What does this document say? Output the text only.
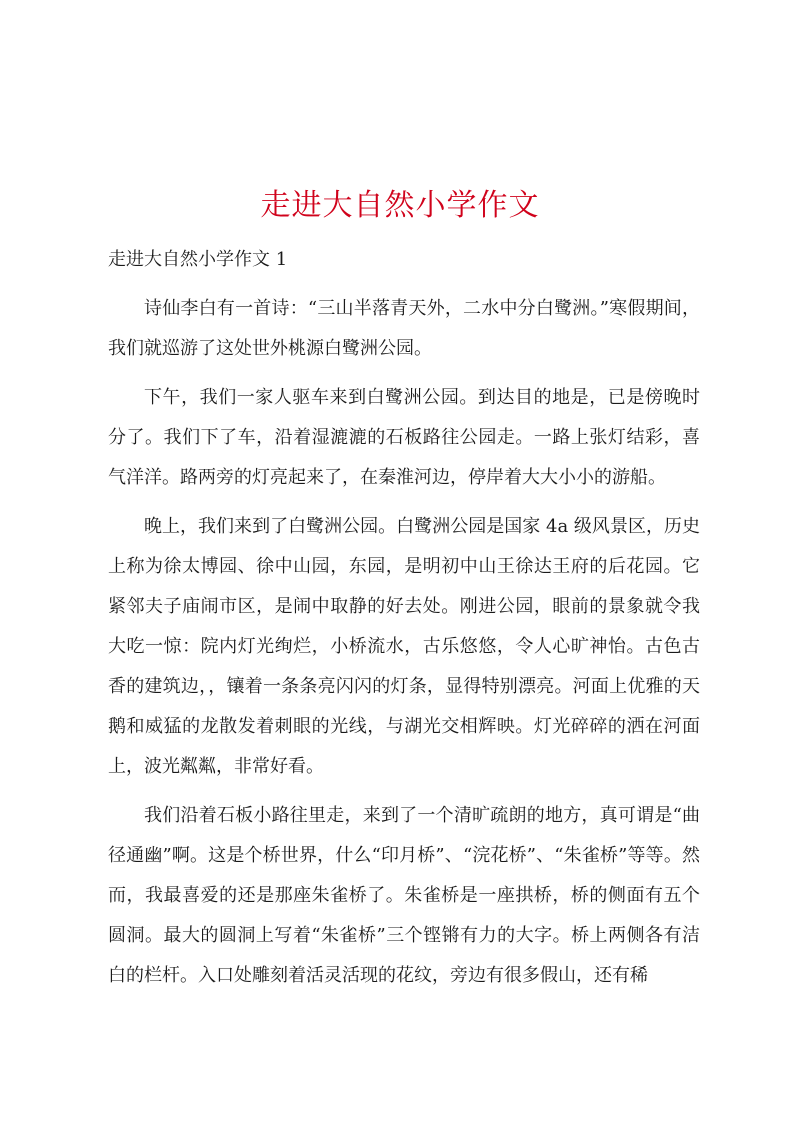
走进大自然小学作文
走进大自然小学作文 1

诗仙李白有一首诗：“三山半落青天外，二水中分白鹭洲。”寒假期间，我们就巡游了这处世外桃源白鹭洲公园。

下午，我们一家人驱车来到白鹭洲公园。到达目的地是，已是傍晚时分了。我们下了车，沿着湿漉漉的石板路往公园走。一路上张灯结彩，喜气洋洋。路两旁的灯亮起来了，在秦淮河边，停岸着大大小小的游船。

晚上，我们来到了白鹭洲公园。白鹭洲公园是国家 4a 级风景区，历史上称为徐太博园、徐中山园，东园，是明初中山王徐达王府的后花园。它紧邻夫子庙闹市区，是闹中取静的好去处。刚进公园，眼前的景象就令我大吃一惊：院内灯光绚烂，小桥流水，古乐悠悠，令人心旷神怡。古色古香的建筑边，，镶着一条条亮闪闪的灯条，显得特别漂亮。河面上优雅的天鹅和威猛的龙散发着刺眼的光线，与湖光交相辉映。灯光碎碎的洒在河面上，波光粼粼，非常好看。

我们沿着石板小路往里走，来到了一个清旷疏朗的地方，真可谓是“曲径通幽”啊。这是个桥世界，什么“印月桥”、“浣花桥”、“朱雀桥”等等。然而，我最喜爱的还是那座朱雀桥了。朱雀桥是一座拱桥，桥的侧面有五个圆洞。最大的圆洞上写着“朱雀桥”三个铿锵有力的大字。桥上两侧各有洁白的栏杆。入口处雕刻着活灵活现的花纹，旁边有很多假山，还有稀
